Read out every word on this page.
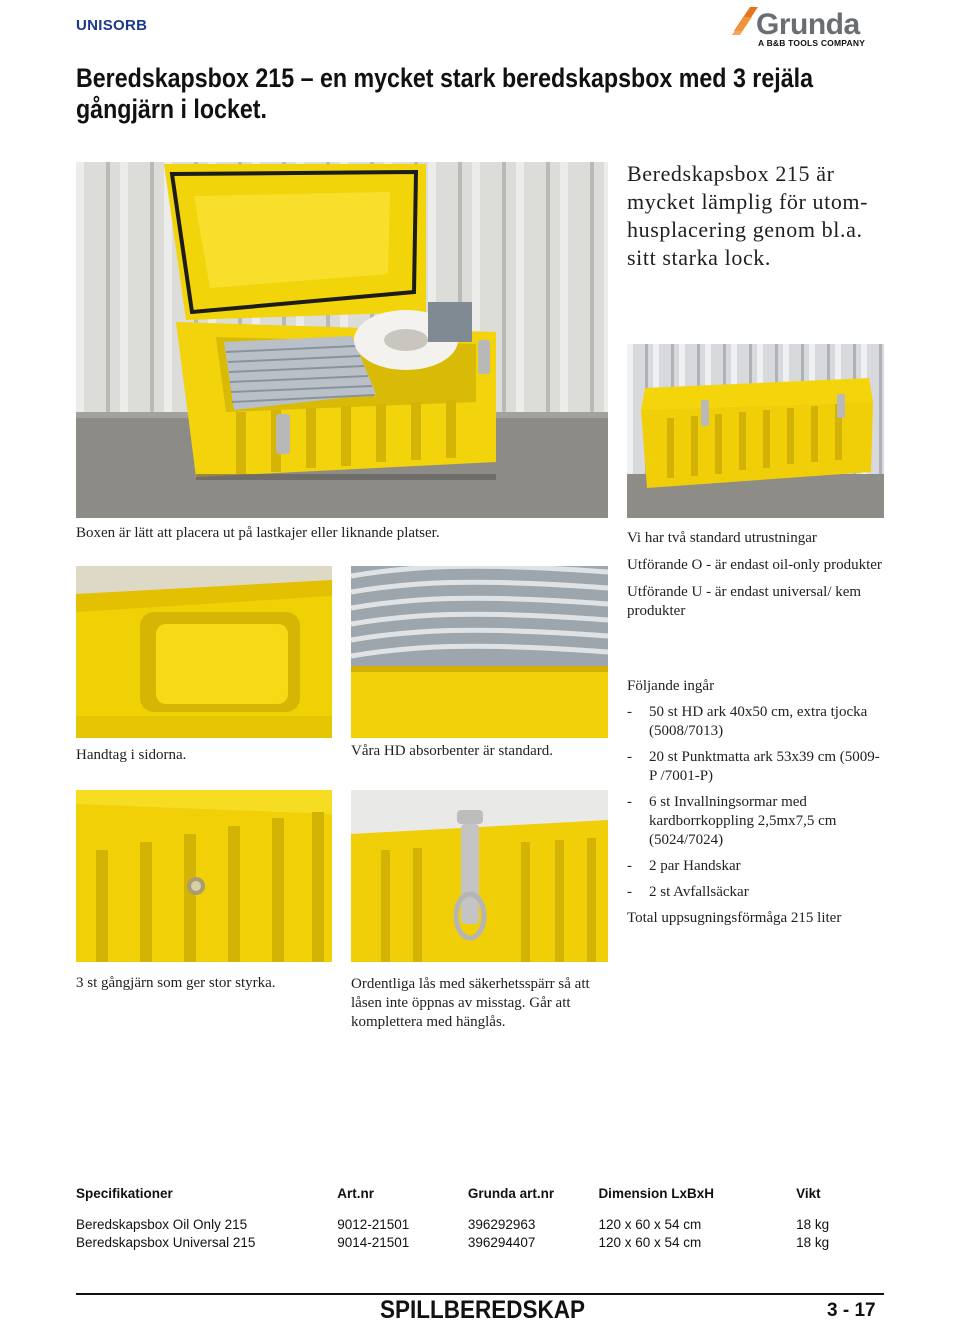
UNISORB	Grunda
A B&B TOOLS COMPANY
Beredskapsbox 215 – en mycket stark beredskapsbox med 3 rejäla gångjärn i locket.
Beredskapsbox 215 är mycket lämplig för utom-husplacering genom bl.a. sitt starka lock.
Boxen är lätt att placera ut på lastkajer eller liknande platser.	Vi har två standard utrustningar

Utförande O - är endast oil-only produkter

Utförande U - är endast universal/ kem produkter

Handtag i sidorna.	Våra HD absorbenter är standard.

Följande ingår

- 50 st HD ark 40x50 cm, extra tjocka (5008/7013)
- 20 st Punktmatta ark 53x39 cm (5009-P /7001-P)
- 6 st Invallningsormar med kardborrkoppling 2,5mx7,5 cm (5024/7024)
- 2 par Handskar
- 2 st Avfallsäckar

Total uppsugningsförmåga 215 liter

3 st gångjärn som ger stor styrka.	Ordentliga lås med säkerhetsspärr så att låsen inte öppnas av misstag. Går att komplettera med hänglås.
Specifikationer	Art.nr	Grunda art.nr	Dimension LxBxH	Vikt

Beredskapsbox Oil Only 215	9012-21501	396292963	120 x 60 x 54 cm	18 kg
Beredskapsbox Universal 215	9014-21501	396294407	120 x 60 x 54 cm	18 kg
SPILLBEREDSKAP	3 - 17
